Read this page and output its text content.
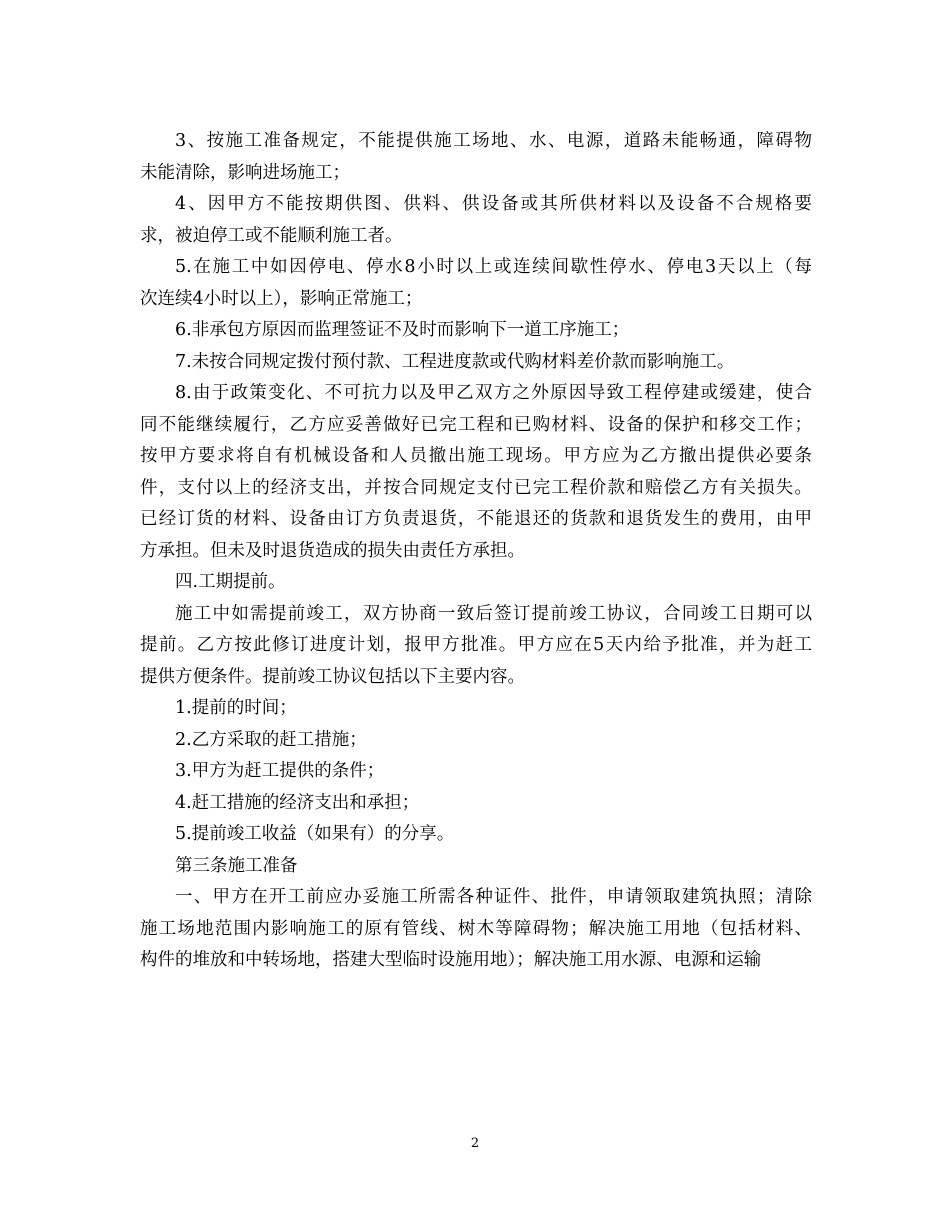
3、按施工准备规定，不能提供施工场地、水、电源，道路未能畅通，障碍物
未能清除，影响进场施工；

4、因甲方不能按期供图、供料、供设备或其所供材料以及设备不合规格要
求，被迫停工或不能顺利施工者。

5.在施工中如因停电、停水8小时以上或连续间歇性停水、停电3天以上（每
次连续4小时以上），影响正常施工；

6.非承包方原因而监理签证不及时而影响下一道工序施工；

7.未按合同规定拨付预付款、工程进度款或代购材料差价款而影响施工。

8.由于政策变化、不可抗力以及甲乙双方之外原因导致工程停建或缓建，使合
同不能继续履行，乙方应妥善做好已完工程和已购材料、设备的保护和移交工作；
按甲方要求将自有机械设备和人员撤出施工现场。甲方应为乙方撤出提供必要条
件，支付以上的经济支出，并按合同规定支付已完工程价款和赔偿乙方有关损失。
已经订货的材料、设备由订方负责退货，不能退还的货款和退货发生的费用，由甲
方承担。但未及时退货造成的损失由责任方承担。

四.工期提前。

施工中如需提前竣工，双方协商一致后签订提前竣工协议，合同竣工日期可以
提前。乙方按此修订进度计划，报甲方批准。甲方应在5天内给予批准，并为赶工
提供方便条件。提前竣工协议包括以下主要内容。

1.提前的时间；

2.乙方采取的赶工措施；

3.甲方为赶工提供的条件；

4.赶工措施的经济支出和承担；

5.提前竣工收益（如果有）的分享。

第三条施工准备

一、甲方在开工前应办妥施工所需各种证件、批件，申请领取建筑执照；清除
施工场地范围内影响施工的原有管线、树木等障碍物；解决施工用地（包括材料、
构件的堆放和中转场地，搭建大型临时设施用地）；解决施工用水源、电源和运输

2
